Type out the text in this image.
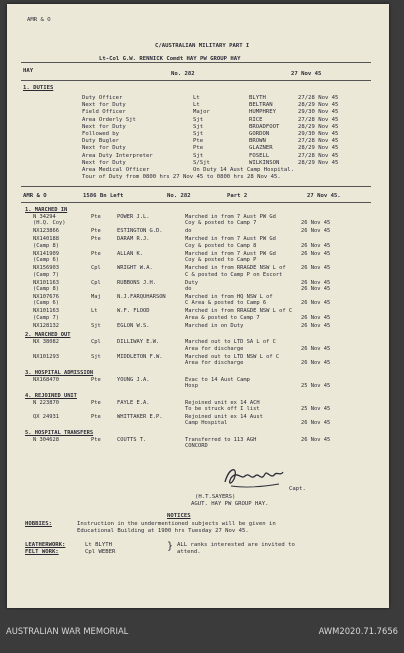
AMR & O
C/AUSTRALIAN MILITARY PART I
Lt-Col G.W. RENNICK Comdt HAY PW GROUP HAY
HAY	No. 282	27 Nov 45
1. DUTIES
Duty Officer	Lt	BLYTH	27/28 Nov 45
Next for Duty	Lt	BELTRAN	28/29 Nov 45
Field Officer	Major	HUMPHREY	29/30 Nov 45
Area Orderly Sjt	Sjt	RICE	27/28 Nov 45
Next for Duty	Sjt	BROADFOOT	28/29 Nov 45
Followed by	Sjt	GORDON	29/30 Nov 45
Duty Bugler	Pte	BROWN	27/28 Nov 45
Next for Duty	Pte	GLAZNER	28/29 Nov 45
Area Duty Interpreter	Sjt	FOSELL	27/28 Nov 45
Next for Duty	S/Sjt	WILKINSON	28/29 Nov 45
Area Medical Officer	On Duty 14 Aust Camp Hospital.
Tour of Duty from 0800 hrs 27 Nov 45 to 0800 hrs 28 Nov 45.
AMR & O	1586 Bn Left	No. 282	Part 2	27 Nov 45.
1. MARCHED IN
N 34294	Pte	POWER J.L.	Marched in from 7 Aust PW Gd
Coy & posted to Camp 7	26 Nov 45
(H.Q. Coy)
NX123866	Pte	ESTINGTON G.D.	do	26 Nov 45
NX140188	Pte	DARAM R.J.	Marched in from 7 Aust PW Gd
Coy & posted to Camp 8	26 Nov 45
(Camp 8)
NX141909	Pte	ALLAN K.	Marched in from 7 Aust PW Gd	26 Nov 45
Coy & posted to Camp P
(Camp 6)
NX156903	Cpl	WRIGHT W.A.	Marched in from RRAGDE NSW L of	26 Nov 45
C & posted to Camp P on Escort
(Camp 7)
NX101163	Cpl	RUBBONS J.H.	Duty	26 Nov 45
do	26 Nov 45
(Camp 8)
NX107676	Maj	N.J.FARQUHARSON	Marched in from HQ NSW L of
C Area & posted to Camp 6	26 Nov 45
(Camp 6)
NX101163	Lt	W.F. FLOOD	Marched in from RRAGDE NSW L of C
Area & posted to Camp 7	26 Nov 45
(Camp 7)
NX128132	Sjt	EGLON W.S.	Marched in on Duty	26 Nov 45
2. MARCHED OUT
NX 38082	Cpl	DILLIWAY E.W.	Marched out to LTD SA L of C
Area for discharge	26 Nov 45
NX101293	Sjt	MIDDLETON F.W.	Marched out to LTD NSW L of C
Area for discharge	26 Nov 45
3. HOSPITAL ADMISSION
NX168470	Pte	YOUNG J.A.	Evac to 14 Aust Camp
Hosp	25 Nov 45
4. REJOINED UNIT
N 223870	Pte	FAYLE E.A.	Rejoined unit ex 14 ACH
To be struck off I list	25 Nov 45
QX 24931	Pte	WHITTAKER E.P.	Rejoined unit ex 14 Aust
Camp Hospital	26 Nov 45
5. HOSPITAL TRANSFERS
N 304628	Pte	COUTTS T.	Transferred to 113 AGH	26 Nov 45
CONCORD
Capt.
(H.T.SAYERS)
AGUT. HAY PW GROUP HAY.
NOTICES
HOBBIES:	Instruction in the undermentioned subjects will be given in
Educational Building at 1900 hrs Tuesday 27 Nov 45.
LEATHERWORK:	Lt BLYTH
FELT WORK:	Cpl WEBER	} ALL ranks interested are invited to
attend.
AUSTRALIAN WAR MEMORIAL	AWM2020.71.7656
